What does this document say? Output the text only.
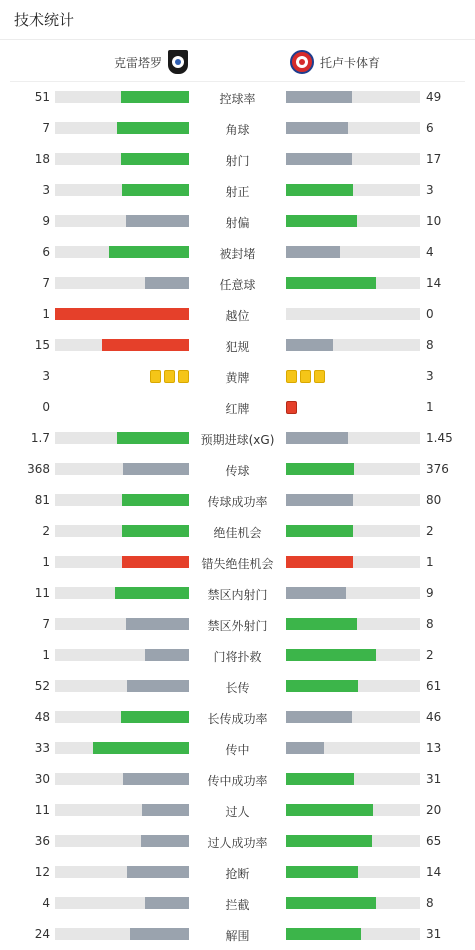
技术统计
克雷塔罗	托卢卡体育
51	控球率	49
7	角球	6
18	射门	17
3	射正	3
9	射偏	10
6	被封堵	4
7	任意球	14
1	越位	0
15	犯规	8
3	黄牌	3
0	红牌	1
1.7	预期进球(xG)	1.45
368	传球	376
81	传球成功率	80
2	绝佳机会	2
1	错失绝佳机会	1
11	禁区内射门	9
7	禁区外射门	8
1	门将扑救	2
52	长传	61
48	长传成功率	46
33	传中	13
30	传中成功率	31
11	过人	20
36	过人成功率	65
12	抢断	14
4	拦截	8
24	解围	31
